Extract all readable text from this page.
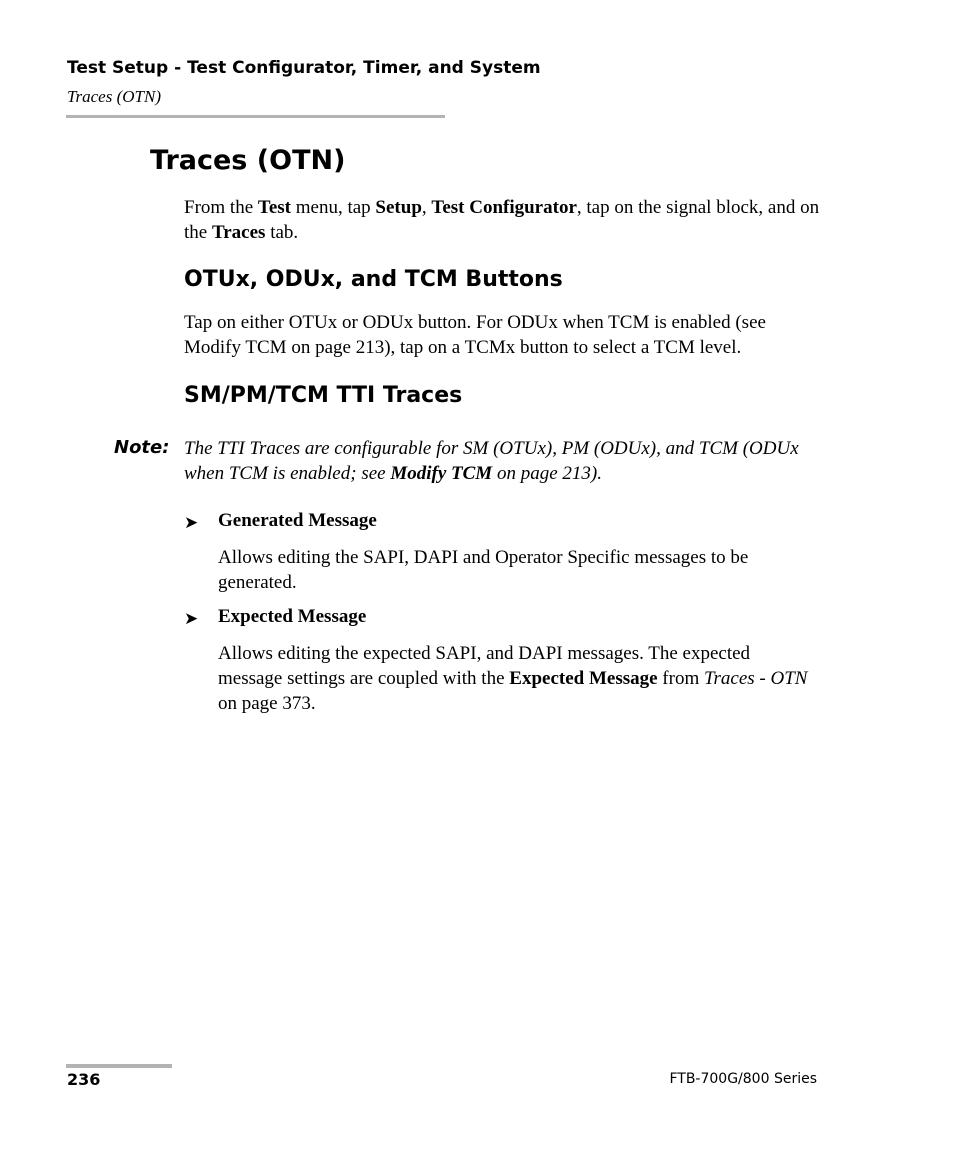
Test Setup - Test Configurator, Timer, and System
Traces (OTN)
Traces (OTN)
From the Test menu, tap Setup, Test Configurator, tap on the signal block, and on the Traces tab.
OTUx, ODUx, and TCM Buttons
Tap on either OTUx or ODUx button. For ODUx when TCM is enabled (see Modify TCM on page 213), tap on a TCMx button to select a TCM level.
SM/PM/TCM TTI Traces
Note: The TTI Traces are configurable for SM (OTUx), PM (ODUx), and TCM (ODUx when TCM is enabled; see Modify TCM on page 213).
➤ Generated Message
Allows editing the SAPI, DAPI and Operator Specific messages to be generated.
➤ Expected Message
Allows editing the expected SAPI, and DAPI messages. The expected message settings are coupled with the Expected Message from Traces - OTN on page 373.
236	FTB-700G/800 Series
